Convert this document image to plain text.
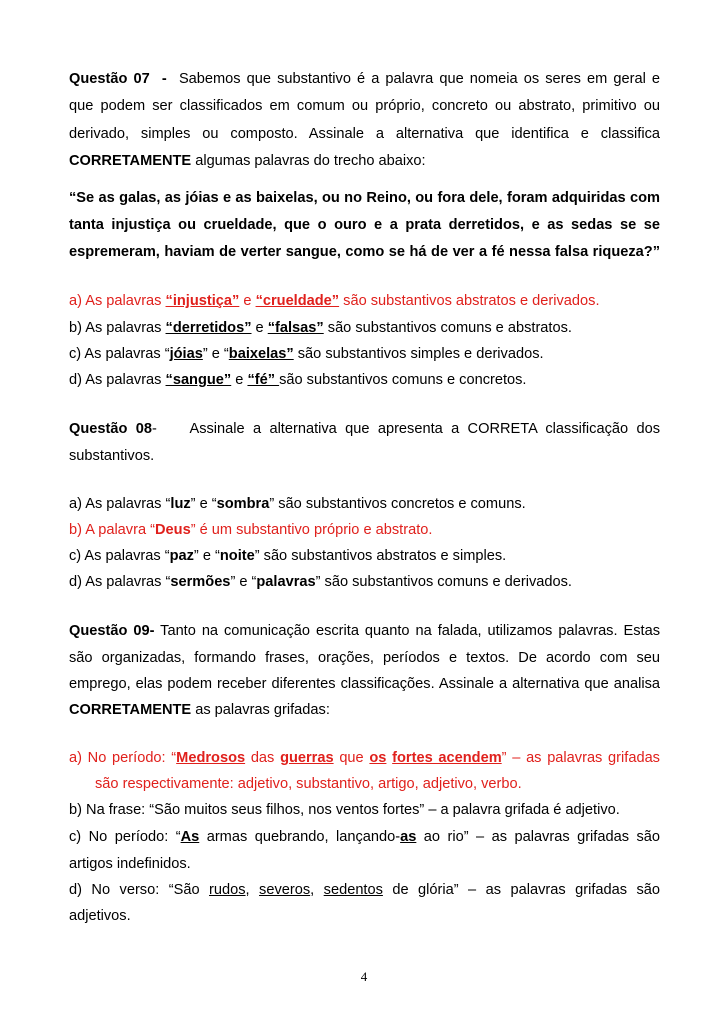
Questão 07 - Sabemos que substantivo é a palavra que nomeia os seres em geral e
que podem ser classificados em comum ou próprio, concreto ou abstrato, primitivo ou
derivado, simples ou composto. Assinale a alternativa que identifica e classifica
CORRETAMENTE algumas palavras do trecho abaixo:
“Se as galas, as jóias e as baixelas, ou no Reino, ou fora dele, foram adquiridas com
tanta injustiça ou crueldade, que o ouro e a prata derretidos, e as sedas se se
espremeram, haviam de verter sangue, como se há de ver a fé nessa falsa riqueza?”
a) As palavras “injustiça” e “crueldade” são substantivos abstratos e derivados.
b) As palavras “derretidos” e “falsas” são substantivos comuns e abstratos.
c) As palavras “jóias” e “baixelas” são substantivos simples e derivados.
d) As palavras “sangue” e “fé” são substantivos comuns e concretos.
Questão 08- Assinale a alternativa que apresenta a CORRETA classificação dos
substantivos.
a) As palavras “luz” e “sombra” são substantivos concretos e comuns.
b) A palavra “Deus” é um substantivo próprio e abstrato.
c) As palavras “paz” e “noite” são substantivos abstratos e simples.
d) As palavras “sermões” e “palavras” são substantivos comuns e derivados.
Questão 09- Tanto na comunicação escrita quanto na falada, utilizamos palavras. Estas
são organizadas, formando frases, orações, períodos e textos. De acordo com seu
emprego, elas podem receber diferentes classificações. Assinale a alternativa que analisa
CORRETAMENTE as palavras grifadas:
a) No período: “Medrosos das guerras que os fortes acendem” – as palavras grifadas
são respectivamente: adjetivo, substantivo, artigo, adjetivo, verbo.
b) Na frase: “São muitos seus filhos, nos ventos fortes” – a palavra grifada é adjetivo.
c) No período: “As armas quebrando, lançando-as ao rio” – as palavras grifadas são
artigos indefinidos.
d) No verso: “São rudos, severos, sedentos de glória” – as palavras grifadas são
adjetivos.
4
